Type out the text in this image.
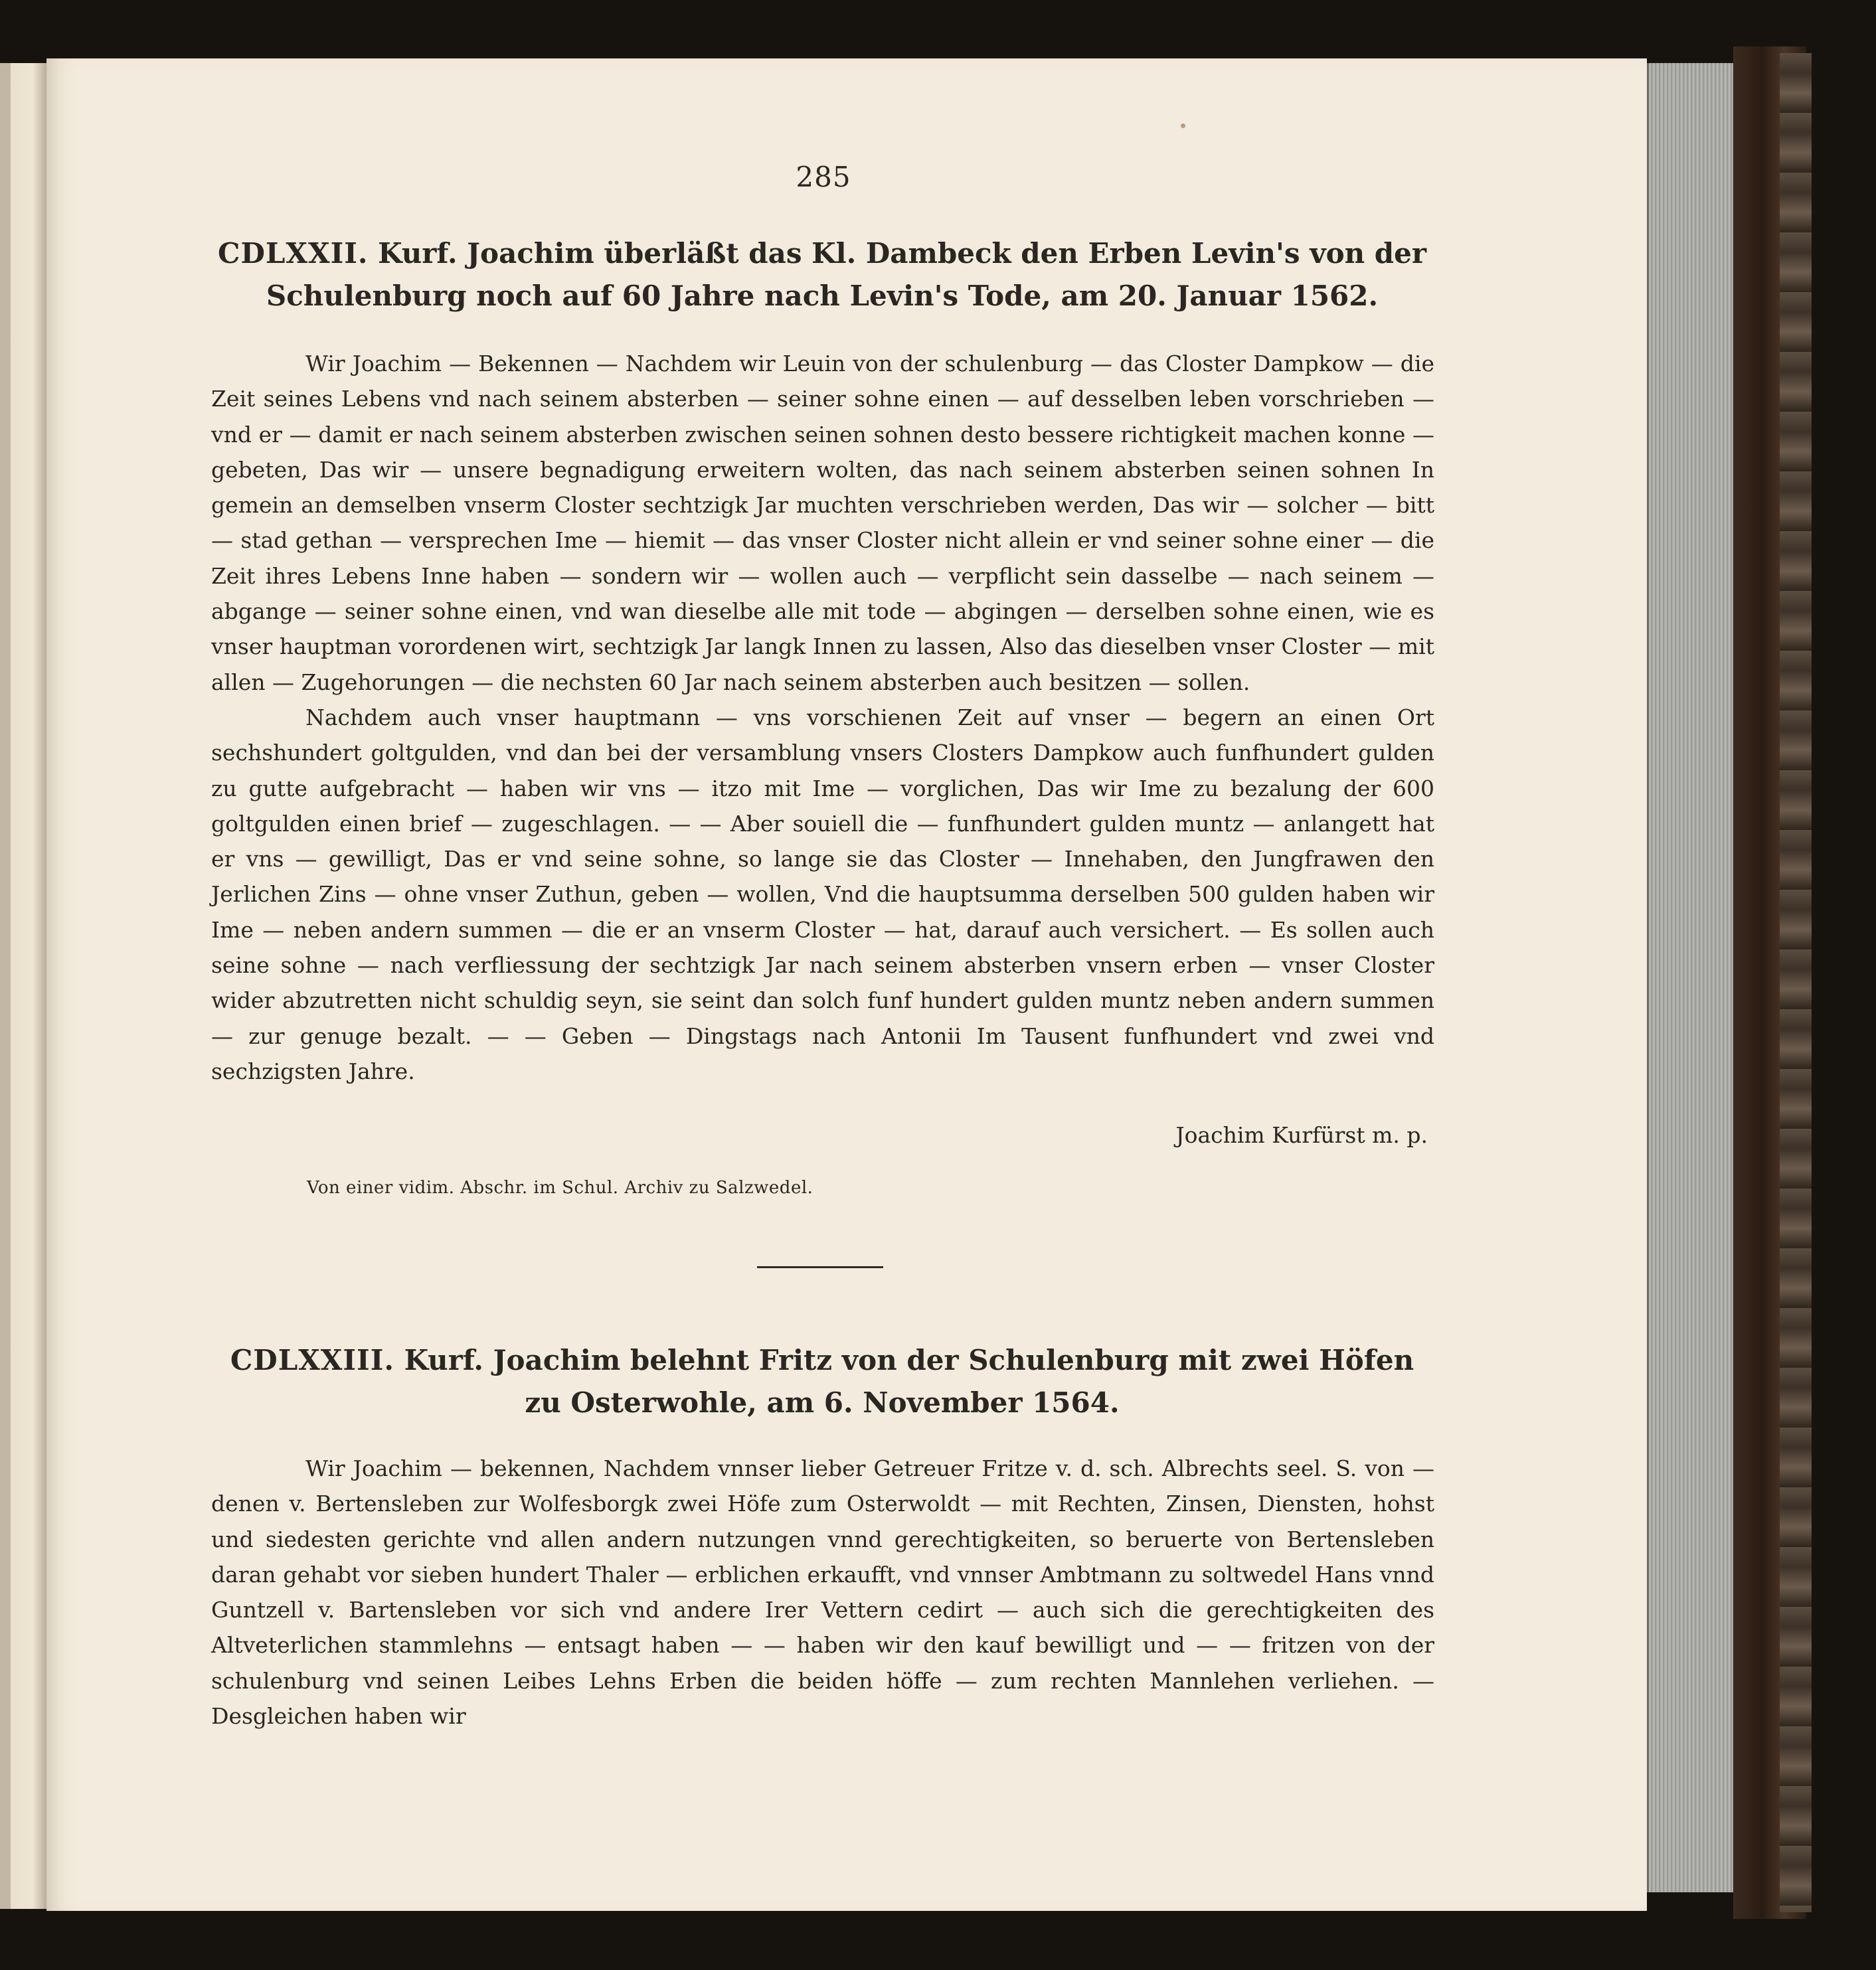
285
CDLXXII. Kurf. Joachim überläßt das Kl. Dambeck den Erben Levin's von der Schulenburg noch auf 60 Jahre nach Levin's Tode, am 20. Januar 1562.

Wir Joachim — Bekennen — Nachdem wir Leuin von der schulenburg — das Closter Dampkow — die Zeit seines Lebens vnd nach seinem absterben — seiner sohne einen — auf desselben leben vorschrieben — vnd er — damit er nach seinem absterben zwischen seinen sohnen desto bessere richtigkeit machen konne — gebeten, Das wir — unsere begnadigung erweitern wolten, das nach seinem absterben seinen sohnen In gemein an demselben vnserm Closter sechtzigk Jar muchten verschrieben werden, Das wir — solcher — bitt — stad gethan — versprechen Ime — hiemit — das vnser Closter nicht allein er vnd seiner sohne einer — die Zeit ihres Lebens Inne haben — sondern wir — wollen auch — verpflicht sein dasselbe — nach seinem — abgange — seiner sohne einen, vnd wan dieselbe alle mit tode — abgingen — derselben sohne einen, wie es vnser hauptman vorordenen wirt, sechtzigk Jar langk Innen zu lassen, Also das dieselben vnser Closter — mit allen — Zugehorungen — die nechsten 60 Jar nach seinem absterben auch besitzen — sollen.

Nachdem auch vnser hauptmann — vns vorschienen Zeit auf vnser — begern an einen Ort sechshundert goltgulden, vnd dan bei der versamblung vnsers Closters Dampkow auch funfhundert gulden zu gutte aufgebracht — haben wir vns — itzo mit Ime — vorglichen, Das wir Ime zu bezalung der 600 goltgulden einen brief — zugeschlagen. — — Aber souiell die — funfhundert gulden muntz — anlangett hat er vns — gewilligt, Das er vnd seine sohne, so lange sie das Closter — Innehaben, den Jungfrawen den Jerlichen Zins — ohne vnser Zuthun, geben — wollen, Vnd die hauptsumma derselben 500 gulden haben wir Ime — neben andern summen — die er an vnserm Closter — hat, darauf auch versichert. — Es sollen auch seine sohne — nach verfliessung der sechtzigk Jar nach seinem absterben vnsern erben — vnser Closter wider abzutretten nicht schuldig seyn, sie seint dan solch funf hundert gulden muntz neben andern summen — zur genuge bezalt. — — Geben — Dingstags nach Antonii Im Tausent funfhundert vnd zwei vnd sechzigsten Jahre.

Joachim Kurfürst m. p.
Von einer vidim. Abschr. im Schul. Archiv zu Salzwedel.
CDLXXIII. Kurf. Joachim belehnt Fritz von der Schulenburg mit zwei Höfen zu Osterwohle, am 6. November 1564.

Wir Joachim — bekennen, Nachdem vnnser lieber Getreuer Fritze v. d. sch. Albrechts seel. S. von — denen v. Bertensleben zur Wolfesborgk zwei Höfe zum Osterwoldt — mit Rechten, Zinsen, Diensten, hohst und siedesten gerichte vnd allen andern nutzungen vnnd gerechtigkeiten, so beruerte von Bertensleben daran gehabt vor sieben hundert Thaler — erblichen erkaufft, vnd vnnser Ambtmann zu soltwedel Hans vnnd Guntzell v. Bartensleben vor sich vnd andere Irer Vettern cedirt — auch sich die gerechtigkeiten des Altveterlichen stammlehns — entsagt haben — — haben wir den kauf bewilligt und — — fritzen von der schulenburg vnd seinen Leibes Lehns Erben die beiden höffe — zum rechten Mannlehen verliehen. — Desgleichen haben wir
